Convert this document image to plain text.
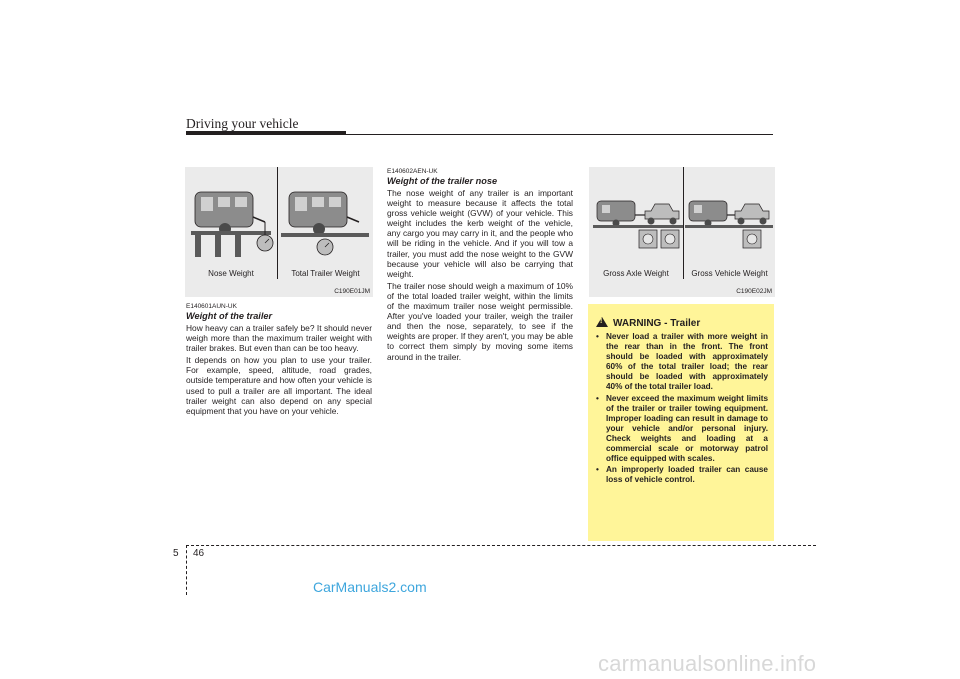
Driving your vehicle
Nose Weight	Total Trailer Weight
C190E01JM

E140601AUN-UK

Weight of the trailer

How heavy can a trailer safely be? It should never weigh more than the maximum trailer weight with trailer brakes. But even than can be too heavy.

It depends on how you plan to use your trailer. For example, speed, altitude, road grades, outside temperature and how often your vehicle is used to pull a trailer are all important. The ideal trailer weight can also depend on any special equipment that you have on your vehicle.

E140602AEN-UK

Weight of the trailer nose

The nose weight of any trailer is an important weight to measure because it affects the total gross vehicle weight (GVW) of your vehicle. This weight includes the kerb weight of the vehicle, any cargo you may carry in it, and the people who will be riding in the vehicle. And if you will tow a trailer, you must add the nose weight to the GVW because your vehicle will also be carrying that weight.

The trailer nose should weigh a maximum of 10% of the total loaded trailer weight, within the limits of the maximum trailer nose weight permissible. After you've loaded your trailer, weigh the trailer and then the nose, separately, to see if the weights are proper. If they aren't, you may be able to correct them simply by moving some items around in the trailer.

Gross Axle Weight	Gross Vehicle Weight
C190E02JM
!WARNING - Trailer
• Never load a trailer with more weight in the rear than in the front. The front should be loaded with approximately 60% of the total trailer load; the rear should be loaded with approximately 40% of the total trailer load.
• Never exceed the maximum weight limits of the trailer or trailer towing equipment. Improper loading can result in damage to your vehicle and/or personal injury. Check weights and loading at a commercial scale or motorway patrol office equipped with scales.
• An improperly loaded trailer can cause loss of vehicle control.
5 46
CarManuals2.com
carmanualsonline.info
